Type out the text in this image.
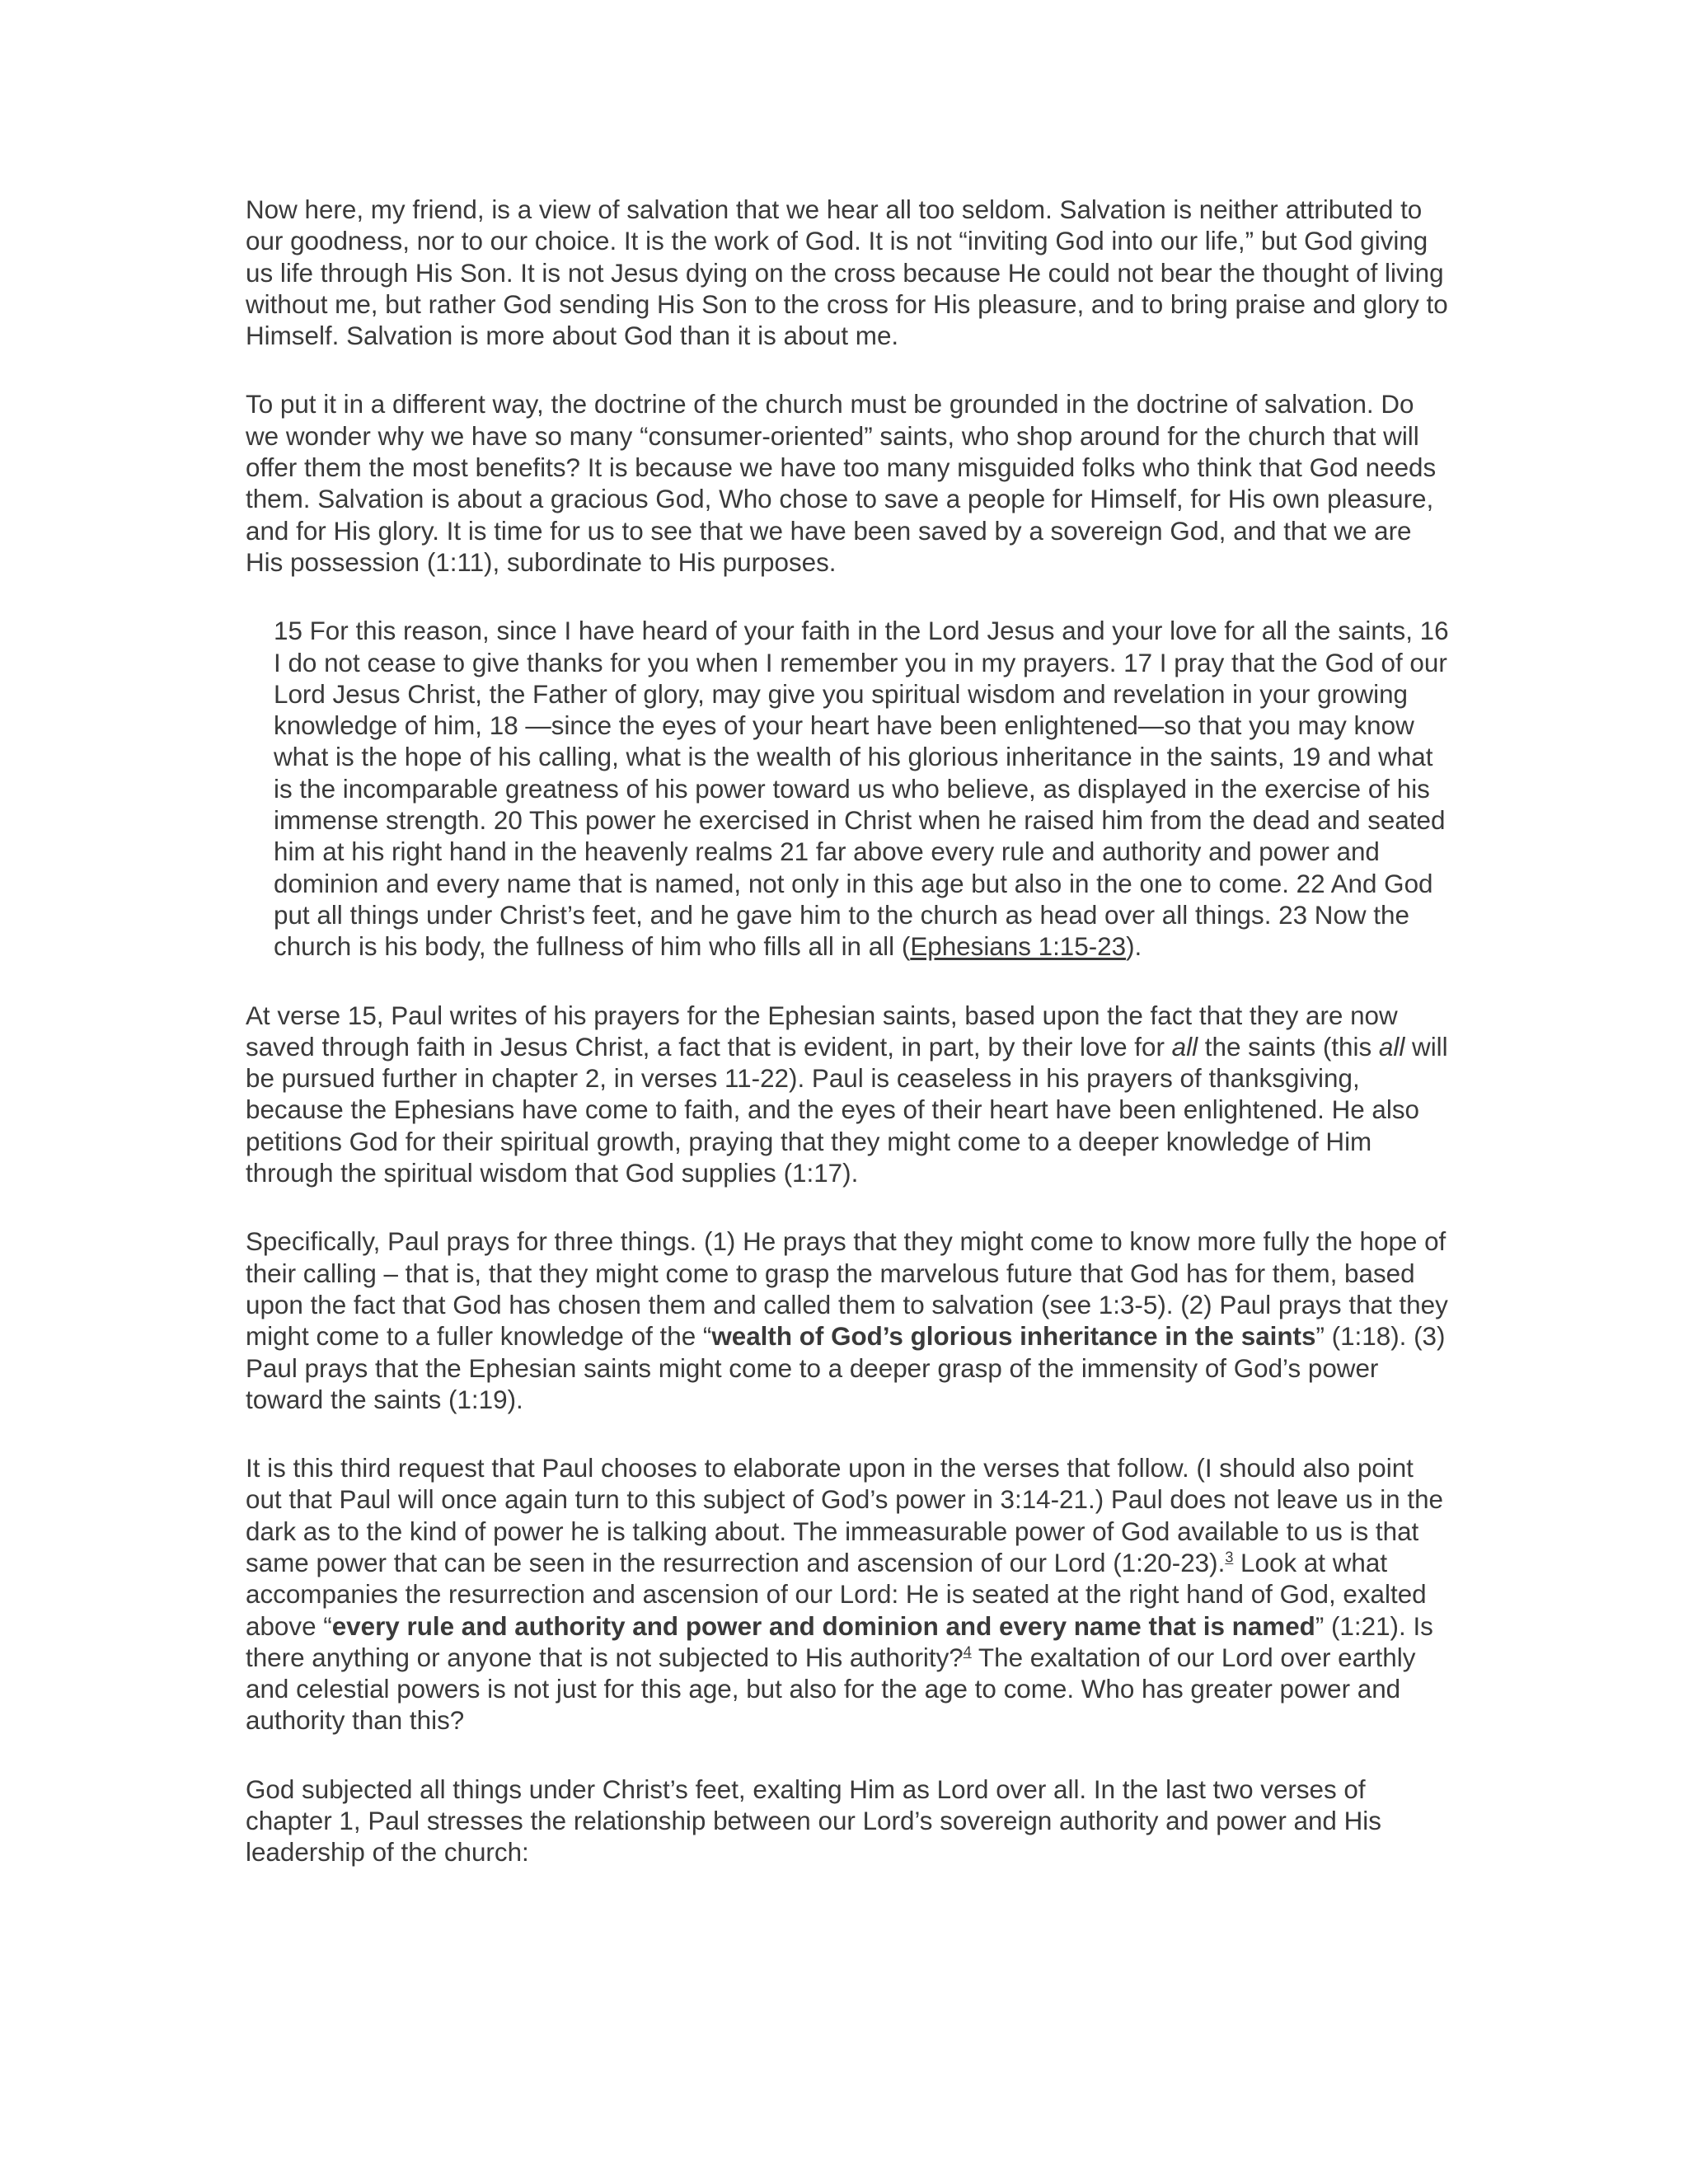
Now here, my friend, is a view of salvation that we hear all too seldom. Salvation is neither attributed to our goodness, nor to our choice. It is the work of God. It is not “inviting God into our life,” but God giving us life through His Son. It is not Jesus dying on the cross because He could not bear the thought of living without me, but rather God sending His Son to the cross for His pleasure, and to bring praise and glory to Himself. Salvation is more about God than it is about me.

To put it in a different way, the doctrine of the church must be grounded in the doctrine of salvation. Do we wonder why we have so many “consumer-oriented” saints, who shop around for the church that will offer them the most benefits? It is because we have too many misguided folks who think that God needs them. Salvation is about a gracious God, Who chose to save a people for Himself, for His own pleasure, and for His glory. It is time for us to see that we have been saved by a sovereign God, and that we are His possession (1:11), subordinate to His purposes.

15 For this reason, since I have heard of your faith in the Lord Jesus and your love for all the saints, 16 I do not cease to give thanks for you when I remember you in my prayers. 17 I pray that the God of our Lord Jesus Christ, the Father of glory, may give you spiritual wisdom and revelation in your growing knowledge of him, 18 —since the eyes of your heart have been enlightened—so that you may know what is the hope of his calling, what is the wealth of his glorious inheritance in the saints, 19 and what is the incomparable greatness of his power toward us who believe, as displayed in the exercise of his immense strength. 20 This power he exercised in Christ when he raised him from the dead and seated him at his right hand in the heavenly realms 21 far above every rule and authority and power and dominion and every name that is named, not only in this age but also in the one to come. 22 And God put all things under Christ’s feet, and he gave him to the church as head over all things. 23 Now the church is his body, the fullness of him who fills all in all (Ephesians 1:15-23).

At verse 15, Paul writes of his prayers for the Ephesian saints, based upon the fact that they are now saved through faith in Jesus Christ, a fact that is evident, in part, by their love for all the saints (this all will be pursued further in chapter 2, in verses 11-22). Paul is ceaseless in his prayers of thanksgiving, because the Ephesians have come to faith, and the eyes of their heart have been enlightened. He also petitions God for their spiritual growth, praying that they might come to a deeper knowledge of Him through the spiritual wisdom that God supplies (1:17).

Specifically, Paul prays for three things. (1) He prays that they might come to know more fully the hope of their calling – that is, that they might come to grasp the marvelous future that God has for them, based upon the fact that God has chosen them and called them to salvation (see 1:3-5). (2) Paul prays that they might come to a fuller knowledge of the “wealth of God’s glorious inheritance in the saints” (1:18). (3) Paul prays that the Ephesian saints might come to a deeper grasp of the immensity of God’s power toward the saints (1:19).

It is this third request that Paul chooses to elaborate upon in the verses that follow. (I should also point out that Paul will once again turn to this subject of God’s power in 3:14-21.) Paul does not leave us in the dark as to the kind of power he is talking about. The immeasurable power of God available to us is that same power that can be seen in the resurrection and ascension of our Lord (1:20-23).$^3$ Look at what accompanies the resurrection and ascension of our Lord: He is seated at the right hand of God, exalted above “every rule and authority and power and dominion and every name that is named” (1:21). Is there anything or anyone that is not subjected to His authority?$^4$ The exaltation of our Lord over earthly and celestial powers is not just for this age, but also for the age to come. Who has greater power and authority than this?

God subjected all things under Christ’s feet, exalting Him as Lord over all. In the last two verses of chapter 1, Paul stresses the relationship between our Lord’s sovereign authority and power and His leadership of the church:
